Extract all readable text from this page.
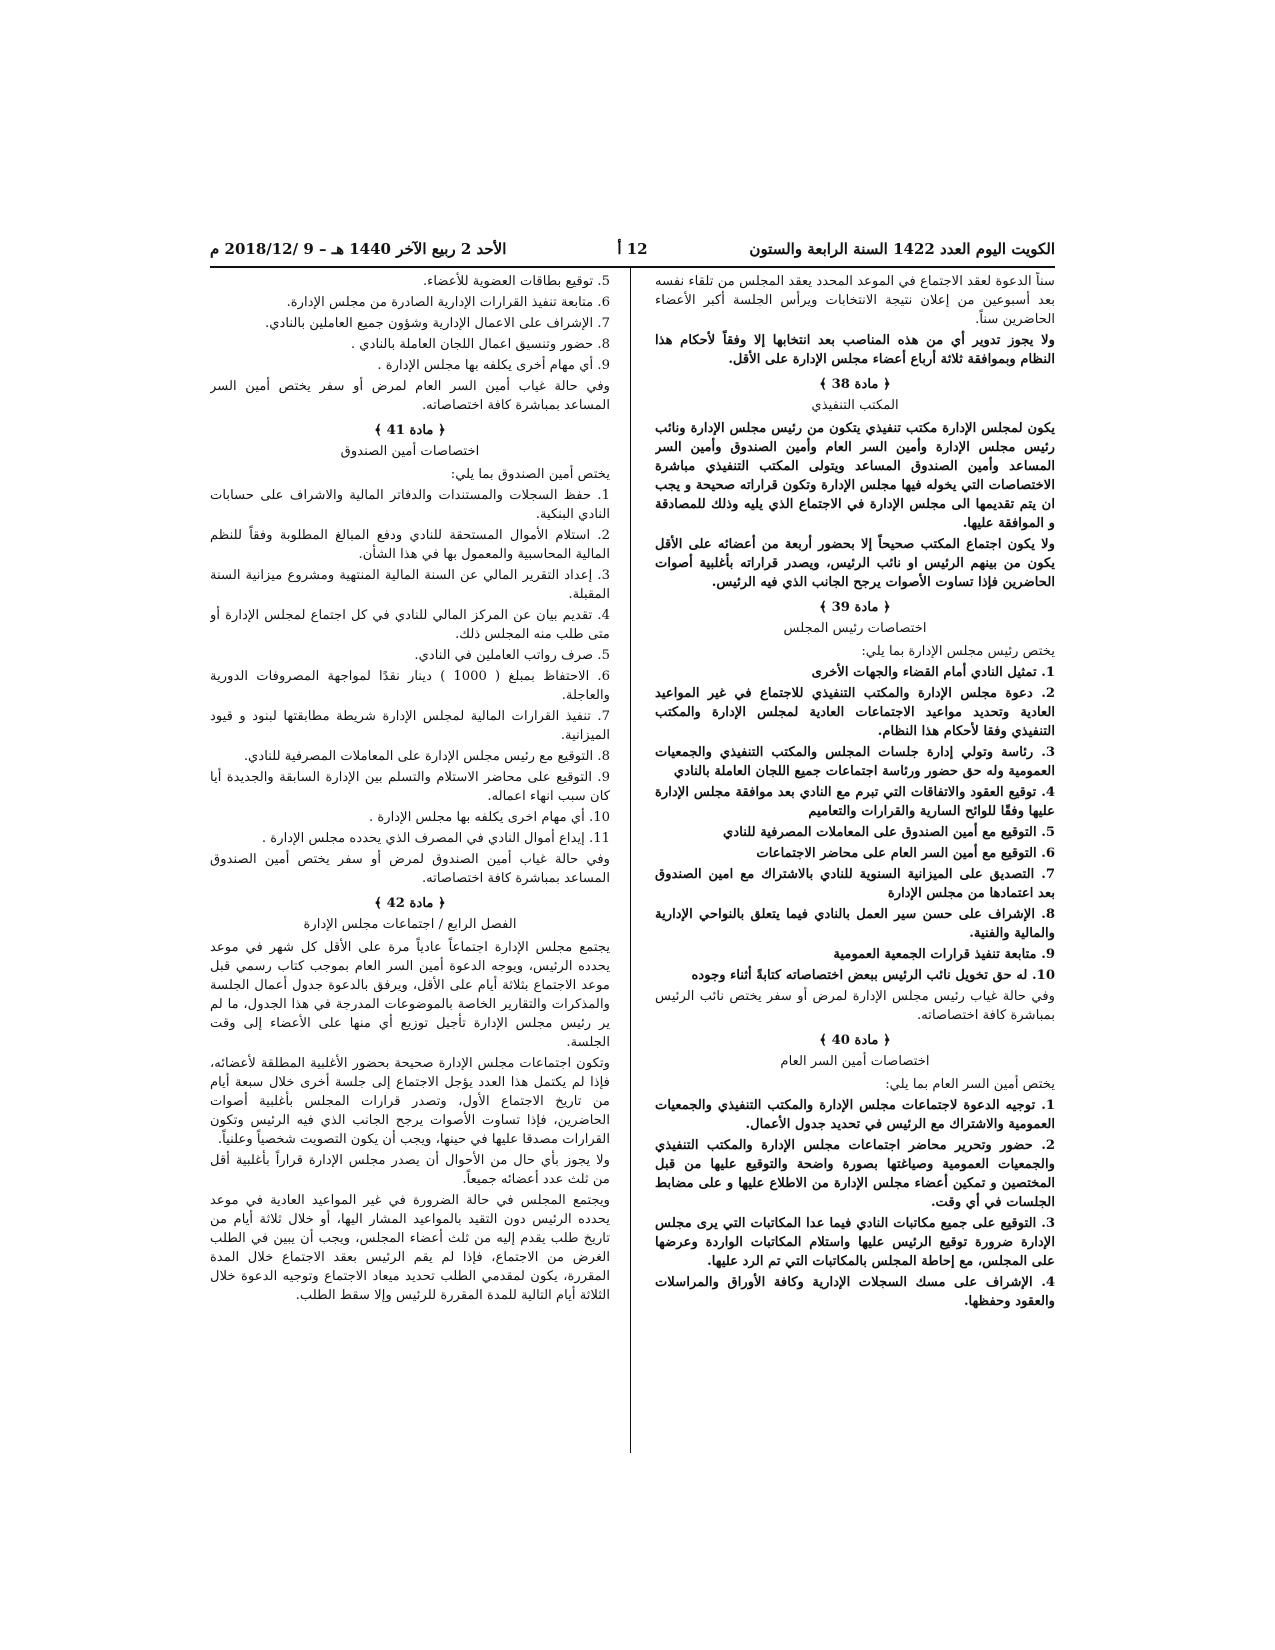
الكويت اليوم العدد 1422 السنة الرابعة والستون
12 أ
الأحد 2 ربيع الآخر 1440 هـ – 9 /2018/12 م

سناً الدعوة لعقد الاجتماع في الموعد المحدد يعقد المجلس من تلقاء نفسه بعد أسبوعين من إعلان نتيجة الانتخابات ويرأس الجلسة أكبر الأعضاء الحاضرين سناً.

ولا يجوز تدوير أي من هذه المناصب بعد انتخابها إلا وفقاً لأحكام هذا النظام وبموافقة ثلاثة أرباع أعضاء مجلس الإدارة على الأقل.

﴿ مادة 38 ﴾

المكتب التنفيذي

يكون لمجلس الإدارة مكتب تنفيذي يتكون من رئيس مجلس الإدارة ونائب رئيس مجلس الإدارة وأمين السر العام وأمين الصندوق وأمين السر المساعد وأمين الصندوق المساعد ويتولى المكتب التنفيذي مباشرة الاختصاصات التي يخوله فيها مجلس الإدارة وتكون قراراته صحيحة و يجب ان يتم تقديمها الى مجلس الإدارة في الاجتماع الذي يليه وذلك للمصادقة و الموافقة عليها.

ولا يكون اجتماع المكتب صحيحاً إلا بحضور أربعة من أعضائه على الأقل يكون من بينهم الرئيس او نائب الرئيس، ويصدر قراراته بأغلبية أصوات الحاضرين فإذا تساوت الأصوات يرجح الجانب الذي فيه الرئيس.

﴿ مادة 39 ﴾

اختصاصات رئيس المجلس

يختص رئيس مجلس الإدارة بما يلي:

1. تمثيل النادي أمام القضاء والجهات الأخرى

2. دعوة مجلس الإدارة والمكتب التنفيذي للاجتماع في غير المواعيد العادية وتحديد مواعيد الاجتماعات العادية لمجلس الإدارة والمكتب التنفيذي وفقا لأحكام هذا النظام.

3. رئاسة وتولي إدارة جلسات المجلس والمكتب التنفيذي والجمعيات العمومية وله حق حضور ورئاسة اجتماعات جميع اللجان العاملة بالنادي

4. توقيع العقود والاتفاقات التي تبرم مع النادي بعد موافقة مجلس الإدارة عليها وفقًا للوائح السارية والقرارات والتعاميم

5. التوقيع مع أمين الصندوق على المعاملات المصرفية للنادي

6. التوقيع مع أمين السر العام على محاضر الاجتماعات

7. التصديق على الميزانية السنوية للنادي بالاشتراك مع امين الصندوق بعد اعتمادها من مجلس الإدارة

8. الإشراف على حسن سير العمل بالنادي فيما يتعلق بالنواحي الإدارية والمالية والفنية.

9. متابعة تنفيذ قرارات الجمعية العمومية

10. له حق تخويل نائب الرئيس ببعض اختصاصاته كتابةً أثناء وجوده

وفي حالة غياب رئيس مجلس الإدارة لمرض أو سفر يختص نائب الرئيس بمباشرة كافة اختصاصاته.

﴿ مادة 40 ﴾

اختصاصات أمين السر العام

يختص أمين السر العام بما يلي:

1. توجيه الدعوة لاجتماعات مجلس الإدارة والمكتب التنفيذي والجمعيات العمومية والاشتراك مع الرئيس في تحديد جدول الأعمال.

2. حضور وتحرير محاضر اجتماعات مجلس الإدارة والمكتب التنفيذي والجمعيات العمومية وصياغتها بصورة واضحة والتوقيع عليها من قبل المختصين و تمكين أعضاء مجلس الإدارة من الاطلاع عليها و على مضابط الجلسات في أي وقت.

3. التوقيع على جميع مكاتبات النادي فيما عدا المكاتبات التي يرى مجلس الإدارة ضرورة توقيع الرئيس عليها واستلام المكاتبات الواردة وعرضها على المجلس، مع إحاطة المجلس بالمكاتبات التي تم الرد عليها.

4. الإشراف على مسك السجلات الإدارية وكافة الأوراق والمراسلات والعقود وحفظها.

5. توقيع بطاقات العضوية للأعضاء.

6. متابعة تنفيذ القرارات الإدارية الصادرة من مجلس الإدارة.

7. الإشراف على الاعمال الإدارية وشؤون جميع العاملين بالنادي.

8. حضور وتنسيق اعمال اللجان العاملة بالنادي .

9. أي مهام أخرى يكلفه بها مجلس الإدارة .

وفي حالة غياب أمين السر العام لمرض أو سفر يختص أمين السر المساعد بمباشرة كافة اختصاصاته.

﴿ مادة 41 ﴾

اختصاصات أمين الصندوق

يختص أمين الصندوق بما يلي:

1. حفظ السجلات والمستندات والدفاتر المالية والاشراف على حسابات النادي البنكية.

2. استلام الأموال المستحقة للنادي ودفع المبالغ المطلوبة وفقاً للنظم المالية المحاسبية والمعمول بها في هذا الشأن.

3. إعداد التقرير المالي عن السنة المالية المنتهية ومشروع ميزانية السنة المقبلة.

4. تقديم بيان عن المركز المالي للنادي في كل اجتماع لمجلس الإدارة أو متى طلب منه المجلس ذلك.

5. صرف رواتب العاملين في النادي.

6. الاحتفاظ بمبلغ ( 1000 ) دينار نقدًا لمواجهة المصروفات الدورية والعاجلة.

7. تنفيذ القرارات المالية لمجلس الإدارة شريطة مطابقتها لبنود و قيود الميزانية.

8. التوقيع مع رئيس مجلس الإدارة على المعاملات المصرفية للنادي.

9. التوقيع على محاضر الاستلام والتسلم بين الإدارة السابقة والجديدة أيا كان سبب انهاء اعماله.

10. أي مهام اخرى يكلفه بها مجلس الإدارة .

11. إيداع أموال النادي في المصرف الذي يحدده مجلس الإدارة .

وفي حالة غياب أمين الصندوق لمرض أو سفر يختص أمين الصندوق المساعد بمباشرة كافة اختصاصاته.

﴿ مادة 42 ﴾

الفصل الرابع / اجتماعات مجلس الإدارة

يجتمع مجلس الإدارة اجتماعاً عادياً مرة على الأقل كل شهر في موعد يحدده الرئيس، ويوجه الدعوة أمين السر العام بموجب كتاب رسمي قبل موعد الاجتماع بثلاثة أيام على الأقل، ويرفق بالدعوة جدول أعمال الجلسة والمذكرات والتقارير الخاصة بالموضوعات المدرجة في هذا الجدول، ما لم ير رئيس مجلس الإدارة تأجيل توزيع أي منها على الأعضاء إلى وقت الجلسة.

وتكون اجتماعات مجلس الإدارة صحيحة بحضور الأغلبية المطلقة لأعضائه، فإذا لم يكتمل هذا العدد يؤجل الاجتماع إلى جلسة أخرى خلال سبعة أيام من تاريخ الاجتماع الأول، وتصدر قرارات المجلس بأغلبية أصوات الحاضرين، فإذا تساوت الأصوات يرجح الجانب الذي فيه الرئيس وتكون القرارات مصدقا عليها في حينها، ويجب أن يكون التصويت شخصياً وعلنياً.

ولا يجوز بأي حال من الأحوال أن يصدر مجلس الإدارة قراراً بأغلبية أقل من ثلث عدد أعضائه جميعاً.

ويجتمع المجلس في حالة الضرورة في غير المواعيد العادية في موعد يحدده الرئيس دون التقيد بالمواعيد المشار اليها، أو خلال ثلاثة أيام من تاريخ طلب يقدم إليه من ثلث أعضاء المجلس، ويجب أن يبين في الطلب الغرض من الاجتماع، فإذا لم يقم الرئيس بعقد الاجتماع خلال المدة المقررة، يكون لمقدمي الطلب تحديد ميعاد الاجتماع وتوجيه الدعوة خلال الثلاثة أيام التالية للمدة المقررة للرئيس وإلا سقط الطلب.
